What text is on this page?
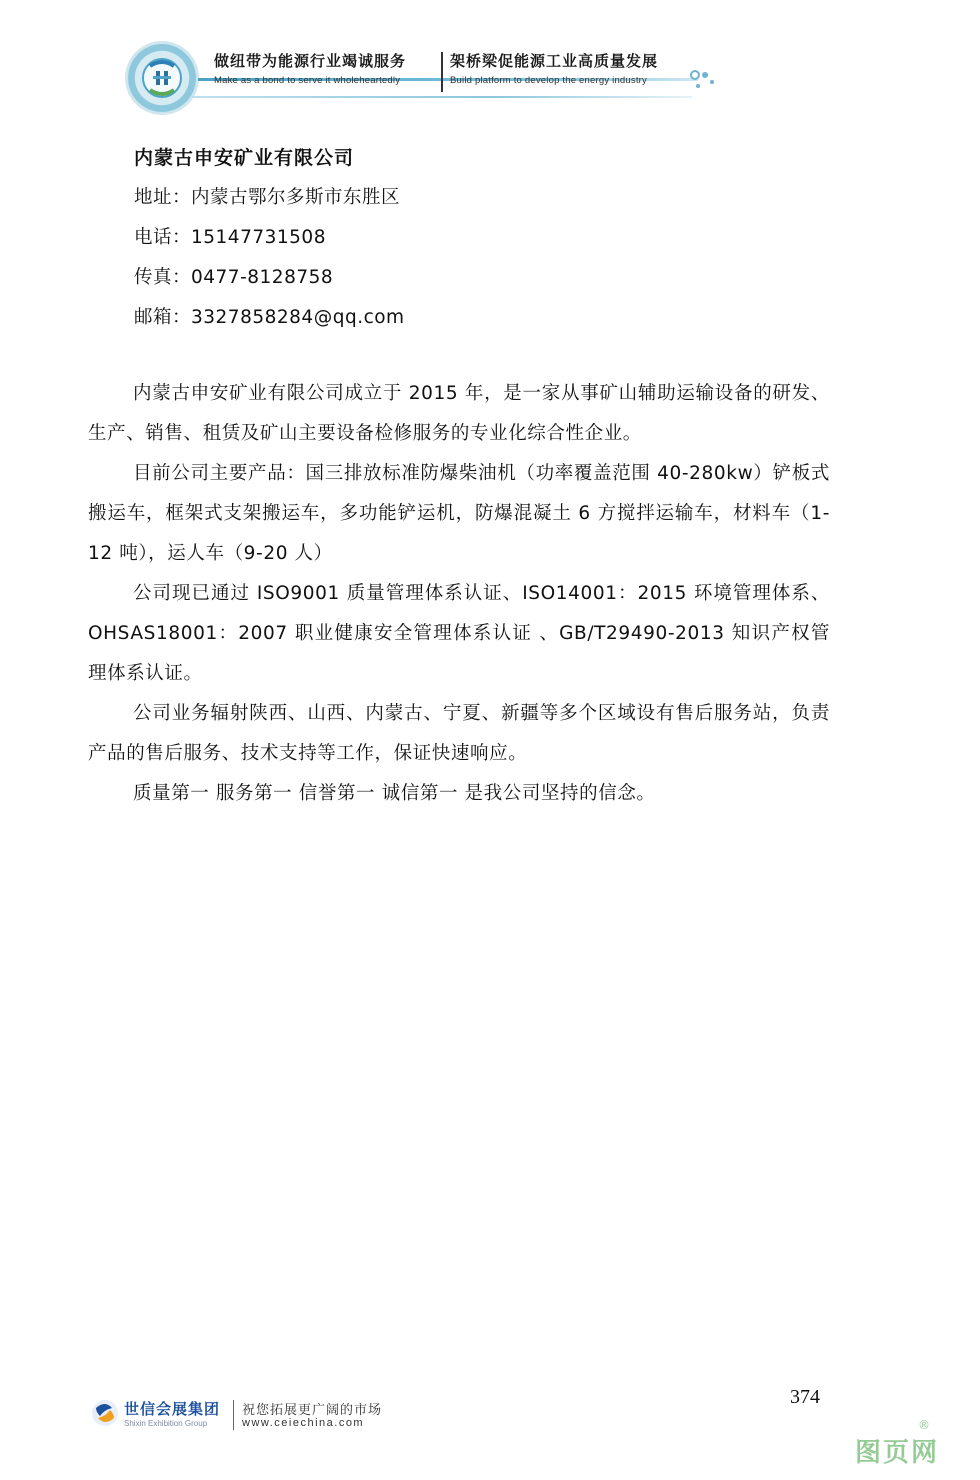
做纽带为能源行业竭诚服务	架桥梁促能源工业高质量发展
Make as a bond to serve it wholeheartedly	Build platform to develop the energy industry
内蒙古申安矿业有限公司
地址：内蒙古鄂尔多斯市东胜区
电话：15147731508
传真：0477-8128758
邮箱：3327858284@qq.com

内蒙古申安矿业有限公司成立于 2015 年，是一家从事矿山辅助运输设备的研发、生产、销售、租赁及矿山主要设备检修服务的专业化综合性企业。

目前公司主要产品：国三排放标准防爆柴油机（功率覆盖范围 40-280kw）铲板式搬运车，框架式支架搬运车，多功能铲运机，防爆混凝土 6 方搅拌运输车，材料车（1-12 吨），运人车（9-20 人）

公司现已通过 ISO9001 质量管理体系认证、ISO14001：2015 环境管理体系、OHSAS18001：2007 职业健康安全管理体系认证 、GB/T29490-2013 知识产权管理体系认证。

公司业务辐射陕西、山西、内蒙古、宁夏、新疆等多个区域设有售后服务站，负责产品的售后服务、技术支持等工作，保证快速响应。

质量第一 服务第一 信誉第一 诚信第一 是我公司坚持的信念。

374
世信会展集团
Shixin Exhibition Group
祝您拓展更广阔的市场
www.ceiechina.com
图页网
®
